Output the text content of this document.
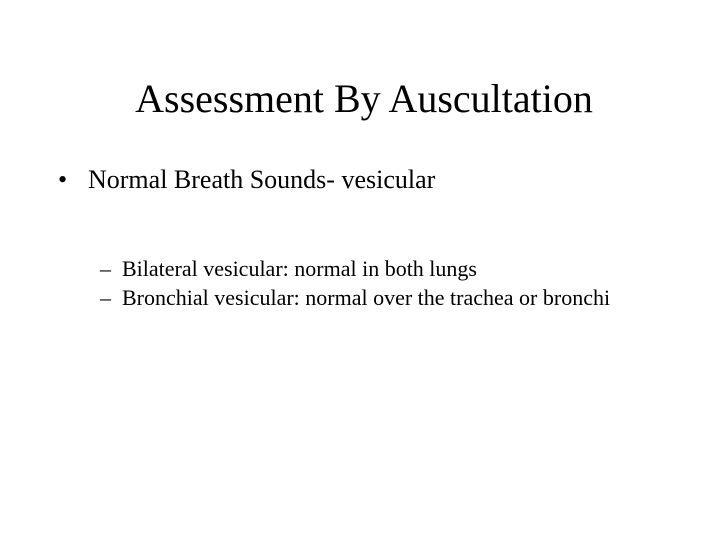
Assessment By Auscultation
• Normal Breath Sounds- vesicular
– Bilateral vesicular: normal in both lungs
– Bronchial vesicular: normal over the trachea or bronchi
